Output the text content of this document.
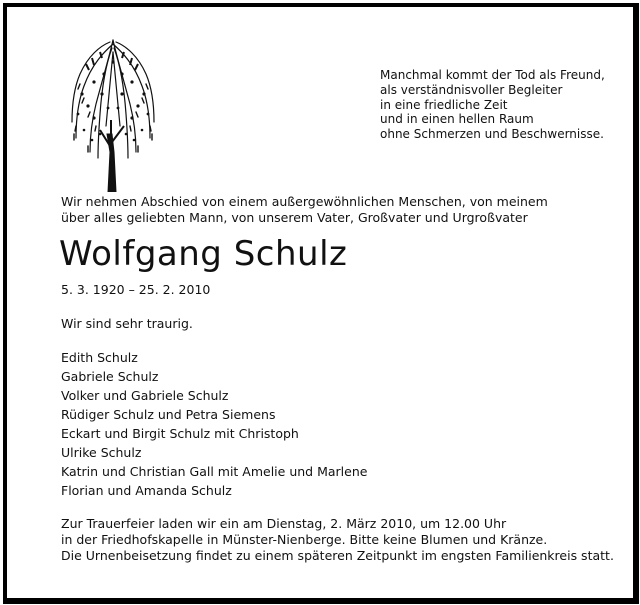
Manchmal kommt der Tod als Freund,
als verständnisvoller Begleiter
in eine friedliche Zeit
und in einen hellen Raum
ohne Schmerzen und Beschwernisse.
Wir nehmen Abschied von einem außergewöhnlichen Menschen, von meinem
über alles geliebten Mann, von unserem Vater, Großvater und Urgroßvater
Wolfgang Schulz
5. 3. 1920 – 25. 2. 2010
Wir sind sehr traurig.
Edith Schulz
Gabriele Schulz
Volker und Gabriele Schulz
Rüdiger Schulz und Petra Siemens
Eckart und Birgit Schulz mit Christoph
Ulrike Schulz
Katrin und Christian Gall mit Amelie und Marlene
Florian und Amanda Schulz
Zur Trauerfeier laden wir ein am Dienstag, 2. März 2010, um 12.00 Uhr
in der Friedhofskapelle in Münster-Nienberge. Bitte keine Blumen und Kränze.
Die Urnenbeisetzung findet zu einem späteren Zeitpunkt im engsten Familienkreis statt.
